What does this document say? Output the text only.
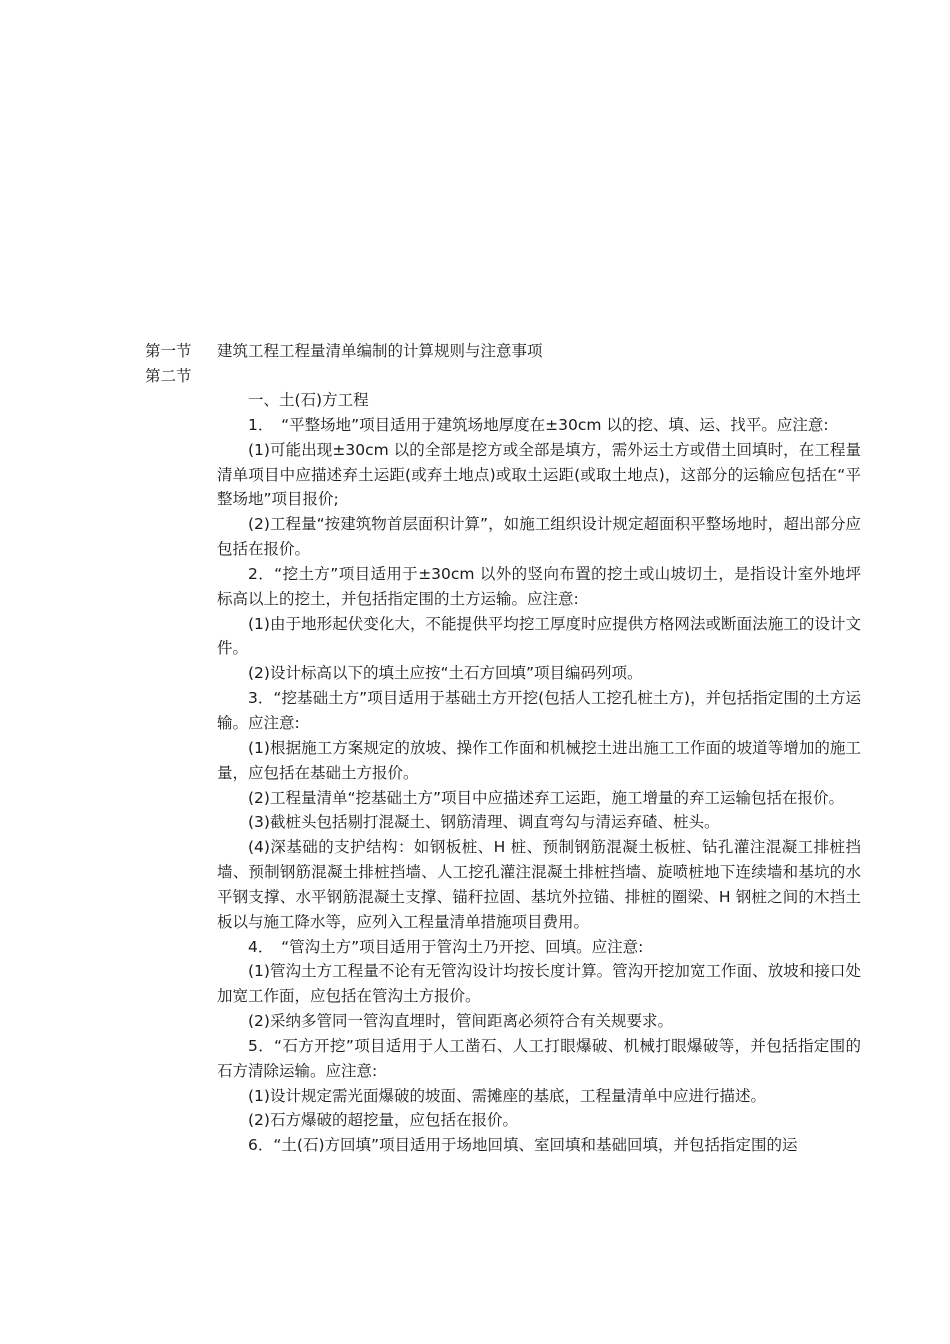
第一节 建筑工程工程量清单编制的计算规则与注意事项
第二节

一、土(石)方工程

1．　“平整场地”项目适用于建筑场地厚度在±30cm 以的挖、填、运、找平。应注意:

(1)可能出现±30cm 以的全部是挖方或全部是填方，需外运土方或借土回填时，在工程量清单项目中应描述弃土运距(或弃土地点)或取土运距(或取土地点)，这部分的运输应包括在“平整场地”项目报价;

(2)工程量“按建筑物首层面积计算”，如施工组织设计规定超面积平整场地时，超出部分应包括在报价。

2．“挖土方”项目适用于±30cm 以外的竖向布置的挖土或山坡切土，是指设计室外地坪标高以上的挖土，并包括指定围的土方运输。应注意:

(1)由于地形起伏变化大，不能提供平均挖工厚度时应提供方格网法或断面法施工的设计文件。

(2)设计标高以下的填土应按“土石方回填”项目编码列项。

3．“挖基础土方”项目适用于基础土方开挖(包括人工挖孔桩土方)，并包括指定围的土方运输。应注意:

(1)根据施工方案规定的放坡、操作工作面和机械挖土进出施工工作面的坡道等增加的施工量，应包括在基础土方报价。

(2)工程量清单“挖基础土方”项目中应描述弃工运距，施工增量的弃工运输包括在报价。

(3)截桩头包括剔打混凝土、钢筋清理、调直弯勾与清运弃碴、桩头。

(4)深基础的支护结构：如钢板桩、H 桩、预制钢筋混凝土板桩、钻孔灌注混凝工排桩挡墙、预制钢筋混凝土排桩挡墙、人工挖孔灌注混凝土排桩挡墙、旋喷桩地下连续墙和基坑的水平钢支撑、水平钢筋混凝土支撑、锚秆拉固、基坑外拉锚、排桩的圈梁、H 钢桩之间的木挡土板以与施工降水等，应列入工程量清单措施项目费用。

4．　“管沟土方”项目适用于管沟土乃开挖、回填。应注意:

(1)管沟土方工程量不论有无管沟设计均按长度计算。管沟开挖加宽工作面、放坡和接口处加宽工作面，应包括在管沟土方报价。

(2)采纳多管同一管沟直埋时，管间距离必须符合有关规要求。

5．“石方开挖”项目适用于人工凿石、人工打眼爆破、机械打眼爆破等，并包括指定围的石方清除运输。应注意:

(1)设计规定需光面爆破的坡面、需摊座的基底，工程量清单中应进行描述。

(2)石方爆破的超挖量，应包括在报价。

6．“土(石)方回填”项目适用于场地回填、室回填和基础回填，并包括指定围的运
